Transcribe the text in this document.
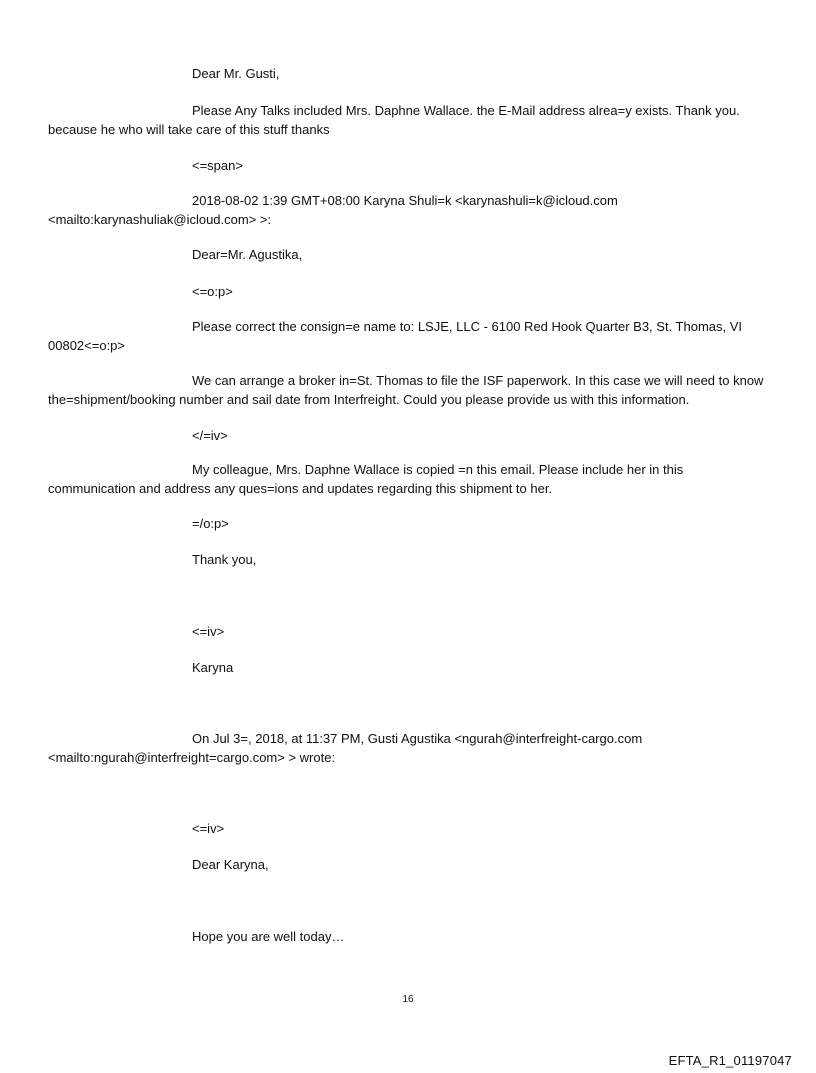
Dear Mr. Gusti,
Please Any Talks included Mrs. Daphne Wallace. the E-Mail address alrea=y exists. Thank you. because he who will take care of this stuff thanks
<=span>
2018-08-02 1:39 GMT+08:00 Karyna Shuli=k <karynashuli=k@icloud.com <mailto:karynashuliak@icloud.com> >:
Dear=Mr. Agustika,
<=o:p>
Please correct the consign=e name to: LSJE, LLC - 6100 Red Hook Quarter B3, St. Thomas, VI 00802<=o:p>
We can arrange a broker in=St. Thomas to file the ISF paperwork. In this case we will need to know the=shipment/booking number and sail date from Interfreight. Could you please provide us with this information.
</=iv>
My colleague, Mrs. Daphne Wallace is copied =n this email. Please include her in this communication and address any ques=ions and updates regarding this shipment to her.
=/o:p>
Thank you,
<=iv>
Karyna
On Jul 3=, 2018, at 11:37 PM, Gusti Agustika <ngurah@interfreight-cargo.com <mailto:ngurah@interfreight=cargo.com> > wrote:
<=iv>
Dear Karyna,
Hope you are well today…
16
EFTA_R1_01197047
